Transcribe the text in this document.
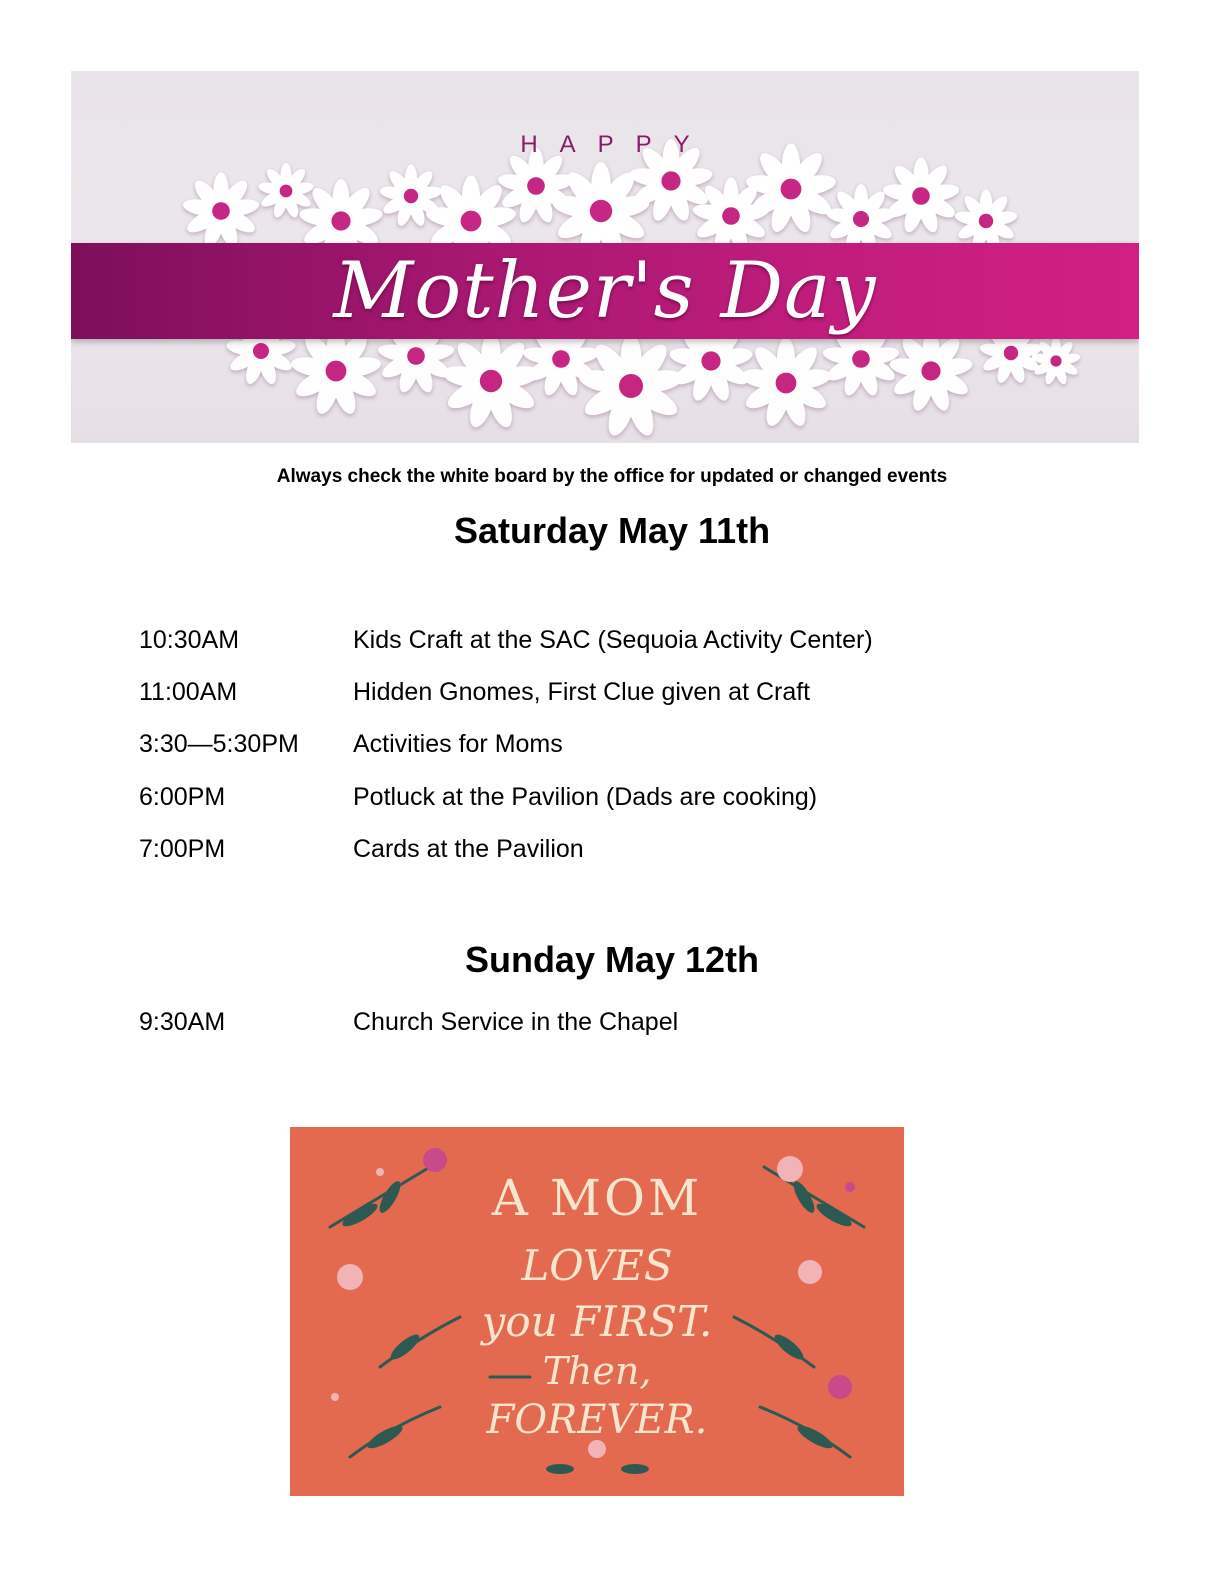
HAPPY
Mother's Day
Always check the white board by the office for updated or changed events
Saturday May 11th
10:30AM	Kids Craft at the SAC (Sequoia Activity Center)
11:00AM	Hidden Gnomes, First Clue given at Craft
3:30—5:30PM Activities for Moms
6:00PM	Potluck at the Pavilion (Dads are cooking)
7:00PM	Cards at the Pavilion
Sunday May 12th
9:30AM	Church Service in the Chapel
A MOM
LOVES
you FIRST.
Then,
FOREVER.
